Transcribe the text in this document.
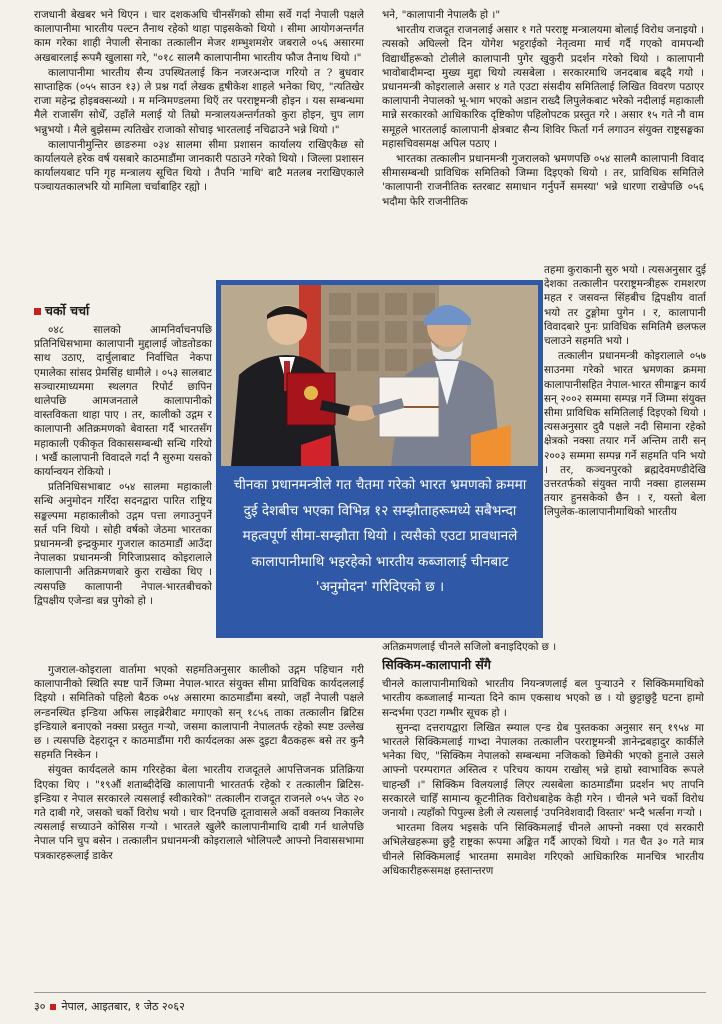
राजधानी बेखबर भने थिएन । चार दशकअघि चीनसँगको सीमा सर्वे गर्दा नेपाली पक्षले कालापानीमा भारतीय पल्टन तैनाथ रहेको थाहा पाइसकेको थियो । सीमा आयोगअन्तर्गत काम गरेका शाही नेपाली सेनाका तत्कालीन मेजर शम्भुशमशेर जबराले ०५६ असारमा अखबारलाई रूपमै खुलासा गरे, "०१८ सालमै कालापानीमा भारतीय फौज तैनाथ थियो ।"

कालापानीमा भारतीय सैन्य उपस्थितलाई किन नजरअन्दाज गरियो त ? बुधवार साप्ताहिक (०५५ साउन १३) ले प्रश्न गर्दा लेखक हृषीकेश शाहले भनेका थिए, "त्यतिखेर राजा महेन्द्र होइबक्सन्थ्यो । म मन्त्रिमण्डलमा थिएँ तर परराष्ट्रमन्त्री होइन । यस सम्बन्धमा मैले राजासँग सोधेँ, उहाँले मलाई यो तिम्रो मन्त्रालयअन्तर्गतको कुरा होइन, चुप लाग भन्नुभयो । मैले बुझेसम्म त्यतिखेर राजाको सोचाइ भारतलाई नचिढाउने भन्ने थियो ।"

कालापानीमुन्तिर छाङरुमा ०३४ सालमा सीमा प्रशासन कार्यालय राखिएकैछ सो कार्यालयले हरेक वर्ष यसबारे काठमाडौंमा जानकारी पठाउने गरेको थियो । जिल्ला प्रशासन कार्यालयबाट पनि गृह मन्त्रालय सूचित थियो । तैपनि 'माथि' बाटै मतलब नराखिएकाले पञ्चायतकालभरि यो मामिला चर्चाबाहिर रह्यो ।

भने, "कालापानी नेपालकै हो ।"

भारतीय राजदूत राजनलाई असार १ गते परराष्ट्र मन्त्रालयमा बोलाई विरोध जनाइयो । त्यसको अघिल्लो दिन योगेश भट्टराईको नेतृत्वमा मार्च गर्दै गएको वामपन्थी विद्यार्थीहरूको टोलीले कालापानी पुगेर खुकुरी प्रदर्शन गरेको थियो । कालापानी भावोबादीमन्दा मुख्य मुद्दा थियो त्यसबेला । सरकारमाथि जनदबाब बढ्दै गयो । प्रधानमन्त्री कोइरालाले असार ४ गते एउटा संसदीय समितिलाई लिखित विवरण पठाएर कालापानी नेपालको भू-भाग भएको अडान राख्दै लिपुलेकबाट भरेको नदीलाई महाकाली मान्ने सरकारको आधिकारिक दृष्टिकोण पहिलोपटक प्रस्तुत गरे । असार १५ गते नौ वाम समूहले भारतलाई कालापानी क्षेत्रबाट सैन्य शिविर फिर्ता गर्न लगाउन संयुक्त राष्ट्रसङ्घका महासचिवसमक्ष अपिल पठाए ।

भारतका तत्कालीन प्रधानमन्त्री गुजरालको भ्रमणपछि ०५४ सालमै कालापानी विवाद सीमासम्बन्धी प्राविधिक समितिको जिम्मा दिइएको थियो । तर, प्राविधिक समितिले 'कालापानी राजनीतिक स्तरबाट समाधान गर्नुपर्ने समस्या' भन्ने धारणा राखेपछि ०५६ भदौमा फेरि राजनीतिक

चर्को चर्चा

०४८ सालको आमनिर्वाचनपछि प्रतिनिधिसभामा कालापानी मुद्दालाई जोडतोडका साथ उठाए, दार्चुलाबाट निर्वाचित नेकपा एमालेका सांसद प्रेमसिंह धामीले । ०५३ सालबाट सञ्चारमाध्यममा स्थलगत रिपोर्ट छापिन थालेपछि आमजनताले कालापानीको वास्तविकता थाहा पाए । तर, कालीको उद्गम र कालापानी अतिक्रमणको बेवास्ता गर्दै भारतसँग महाकाली एकीकृत विकाससम्बन्धी सन्धि गरियो । भर्खै कालापानी विवादले गर्दा नै सुरुमा यसको कार्यान्वयन रोकियो ।

प्रतिनिधिसभाबाट ०५४ सालमा महाकाली सन्धि अनुमोदन गरिँदा सदनद्वारा पारित राष्ट्रिय सङ्कल्पमा महाकालीको उद्गम पत्ता लगाउनुपर्ने सर्त पनि थियो । सोही वर्षको जेठमा भारतका प्रधानमन्त्री इन्द्रकुमार गुजराल काठमाडौं आउँदा नेपालका प्रधानमन्त्री गिरिजाप्रसाद कोइरालाले कालापानी अतिक्रमणबारे कुरा राखेका थिए । त्यसपछि कालापानी नेपाल-भारतबीचको द्विपक्षीय एजेन्डा बन्न पुगेको हो ।

चीनका प्रधानमन्त्रीले गत चैतमा गरेको भारत भ्रमणको क्रममा दुई देशबीच भएका विभिन्न १२ सम्झौताहरूमध्ये सबैभन्दा महत्वपूर्ण सीमा-सम्झौता थियो । त्यसैको एउटा प्रावधानले कालापानीमाथि भइरहेको भारतीय कब्जालाई चीनबाट 'अनुमोदन' गरिदिएको छ ।

तहमा कुराकानी सुरु भयो । त्यसअनुसार दुई देशका तत्कालीन परराष्ट्रमन्त्रीहरू रामशरण महत र जसवन्त सिंहबीच द्विपक्षीय वार्ता भयो तर टुङ्गोमा पुगेन । र, कालापानी विवादबारे पुनः प्राविधिक समितिमै छलफल चलाउने सहमति भयो ।

तत्कालीन प्रधानमन्त्री कोइरालाले ०५७ साउनमा गरेको भारत भ्रमणका क्रममा कालापानीसहित नेपाल-भारत सीमाङ्कन कार्य सन् २००२ सम्ममा सम्पन्न गर्ने जिम्मा संयुक्त सीमा प्राविधिक समितिलाई दिइएको थियो । त्यसअनुसार दुवै पक्षले नदी सिमाना रहेको क्षेत्रको नक्सा तयार गर्ने अन्तिम तारी सन् २००३ सम्ममा सम्पन्न गर्ने सहमति पनि भयो । तर, कञ्चनपुरको ब्रह्मदेवमण्डीदेखि उत्तरतर्फको संयुक्त नापी नक्सा हालसम्म तयार हुनसकेको छैन । र, यस्तो बेला लिपुलेक-कालापानीमाथिको भारतीय

गुजराल-कोइराला वार्तामा भएको सहमतिअनुसार कालीको उद्गम पहिचान गरी कालापानीको स्थिति स्पष्ट पार्ने जिम्मा नेपाल-भारत संयुक्त सीमा प्राविधिक कार्यदललाई दिइयो । समितिको पहिलो बैठक ०५४ असारमा काठमाडौंमा बस्यो, जहाँ नेपाली पक्षले लन्डनस्थित इन्डिया अफिस लाइब्रेरीबाट मगाएको सन् १८५६ ताका तत्कालीन ब्रिटिस इन्डियाले बनाएको नक्सा प्रस्तुत गर्‍यो, जसमा कालापानी नेपालतर्फ रहेको स्पष्ट उल्लेख छ । त्यसपछि देहरादून र काठमाडौंमा गरी कार्यदलका अरू दुइटा बैठकहरू बसे तर कुनै सहमति निस्केन ।

संयुक्त कार्यदलले काम गरिरहेका बेला भारतीय राजदूतले आपत्तिजनक प्रतिक्रिया दिएका थिए । "१९औं शताब्दीदेखि कालापानी भारततर्फ रहेको र तत्कालीन ब्रिटिस-इन्डिया र नेपाल सरकारले त्यसलाई स्वीकारेको" तत्कालीन राजदूत राजनले ०५५ जेठ २० गते दाबी गरे, जसको चर्को विरोध भयो । चार दिनपछि दूतावासले अर्को वक्तव्य निकालेर त्यसलाई सच्याउने कोसिस गर्‍यो । भारतले खुलेरै कालापानीमाथि दाबी गर्न थालेपछि नेपाल पनि चुप बसेन । तत्कालीन प्रधानमन्त्री कोइरालाले भोलिपल्टै आफ्नो निवाससभामा पत्रकारहरूलाई डाकेर

अतिक्रमणलाई चीनले सजिलो बनाइदिएको छ ।

सिक्किम-कालापानी सँगै

चीनले कालापानीमाथिको भारतीय नियन्त्रणलाई बल पुऱ्याउने र सिक्किममाथिको भारतीय कब्जालाई मान्यता दिने काम एकसाथ भएको छ । यो छुट्टाछुट्टै घटना हामो सन्दर्भमा एउटा गम्भीर सूचक हो ।

सुनन्दा दत्तरायद्वारा लिखित स्म्याल एन्ड ग्रेब पुस्तकका अनुसार सन् १९५४ मा भारतले सिक्किमलाई गाभ्दा नेपालका तत्कालीन परराष्ट्रमन्त्री ज्ञानेन्द्रबहादुर कार्कीले भनेका थिए, "सिक्किम नेपालको सम्बन्धमा नजिकको छिमेकी भएको हुनाले उसले आफ्नो परम्परागत अस्तित्व र परिचय कायम राखोस् भन्ने हाम्रो स्वाभाविक रूपले चाहन्छौं ।" सिक्किम विलयलाई लिएर त्यसबेला काठमाडौंमा प्रदर्शन भए तापनि सरकारले चाहिँ सामान्य कूटनीतिक विरोधबाहेक केही गरेन । चीनले भने चर्को विरोध जनायो । त्यहाँको पिपुल्स डेली ले त्यसलाई 'उपनिवेशवादी विस्तार' भन्दै भर्त्सना गर्‍यो ।

भारतमा विलय भइसके पनि सिक्किमलाई चीनले आफ्नो नक्सा एवं सरकारी अभिलेखहरूमा छुट्टै राष्ट्रका रूपमा अङ्कित गर्दै आएको थियो । गत चैत ३० गते मात्र चीनले सिक्किमलाई भारतमा समावेश गरिएको आधिकारिक मानचित्र भारतीय अधिकारीहरूसमक्ष हस्तान्तरण

३० नेपाल, आइतबार, १ जेठ २०६२
